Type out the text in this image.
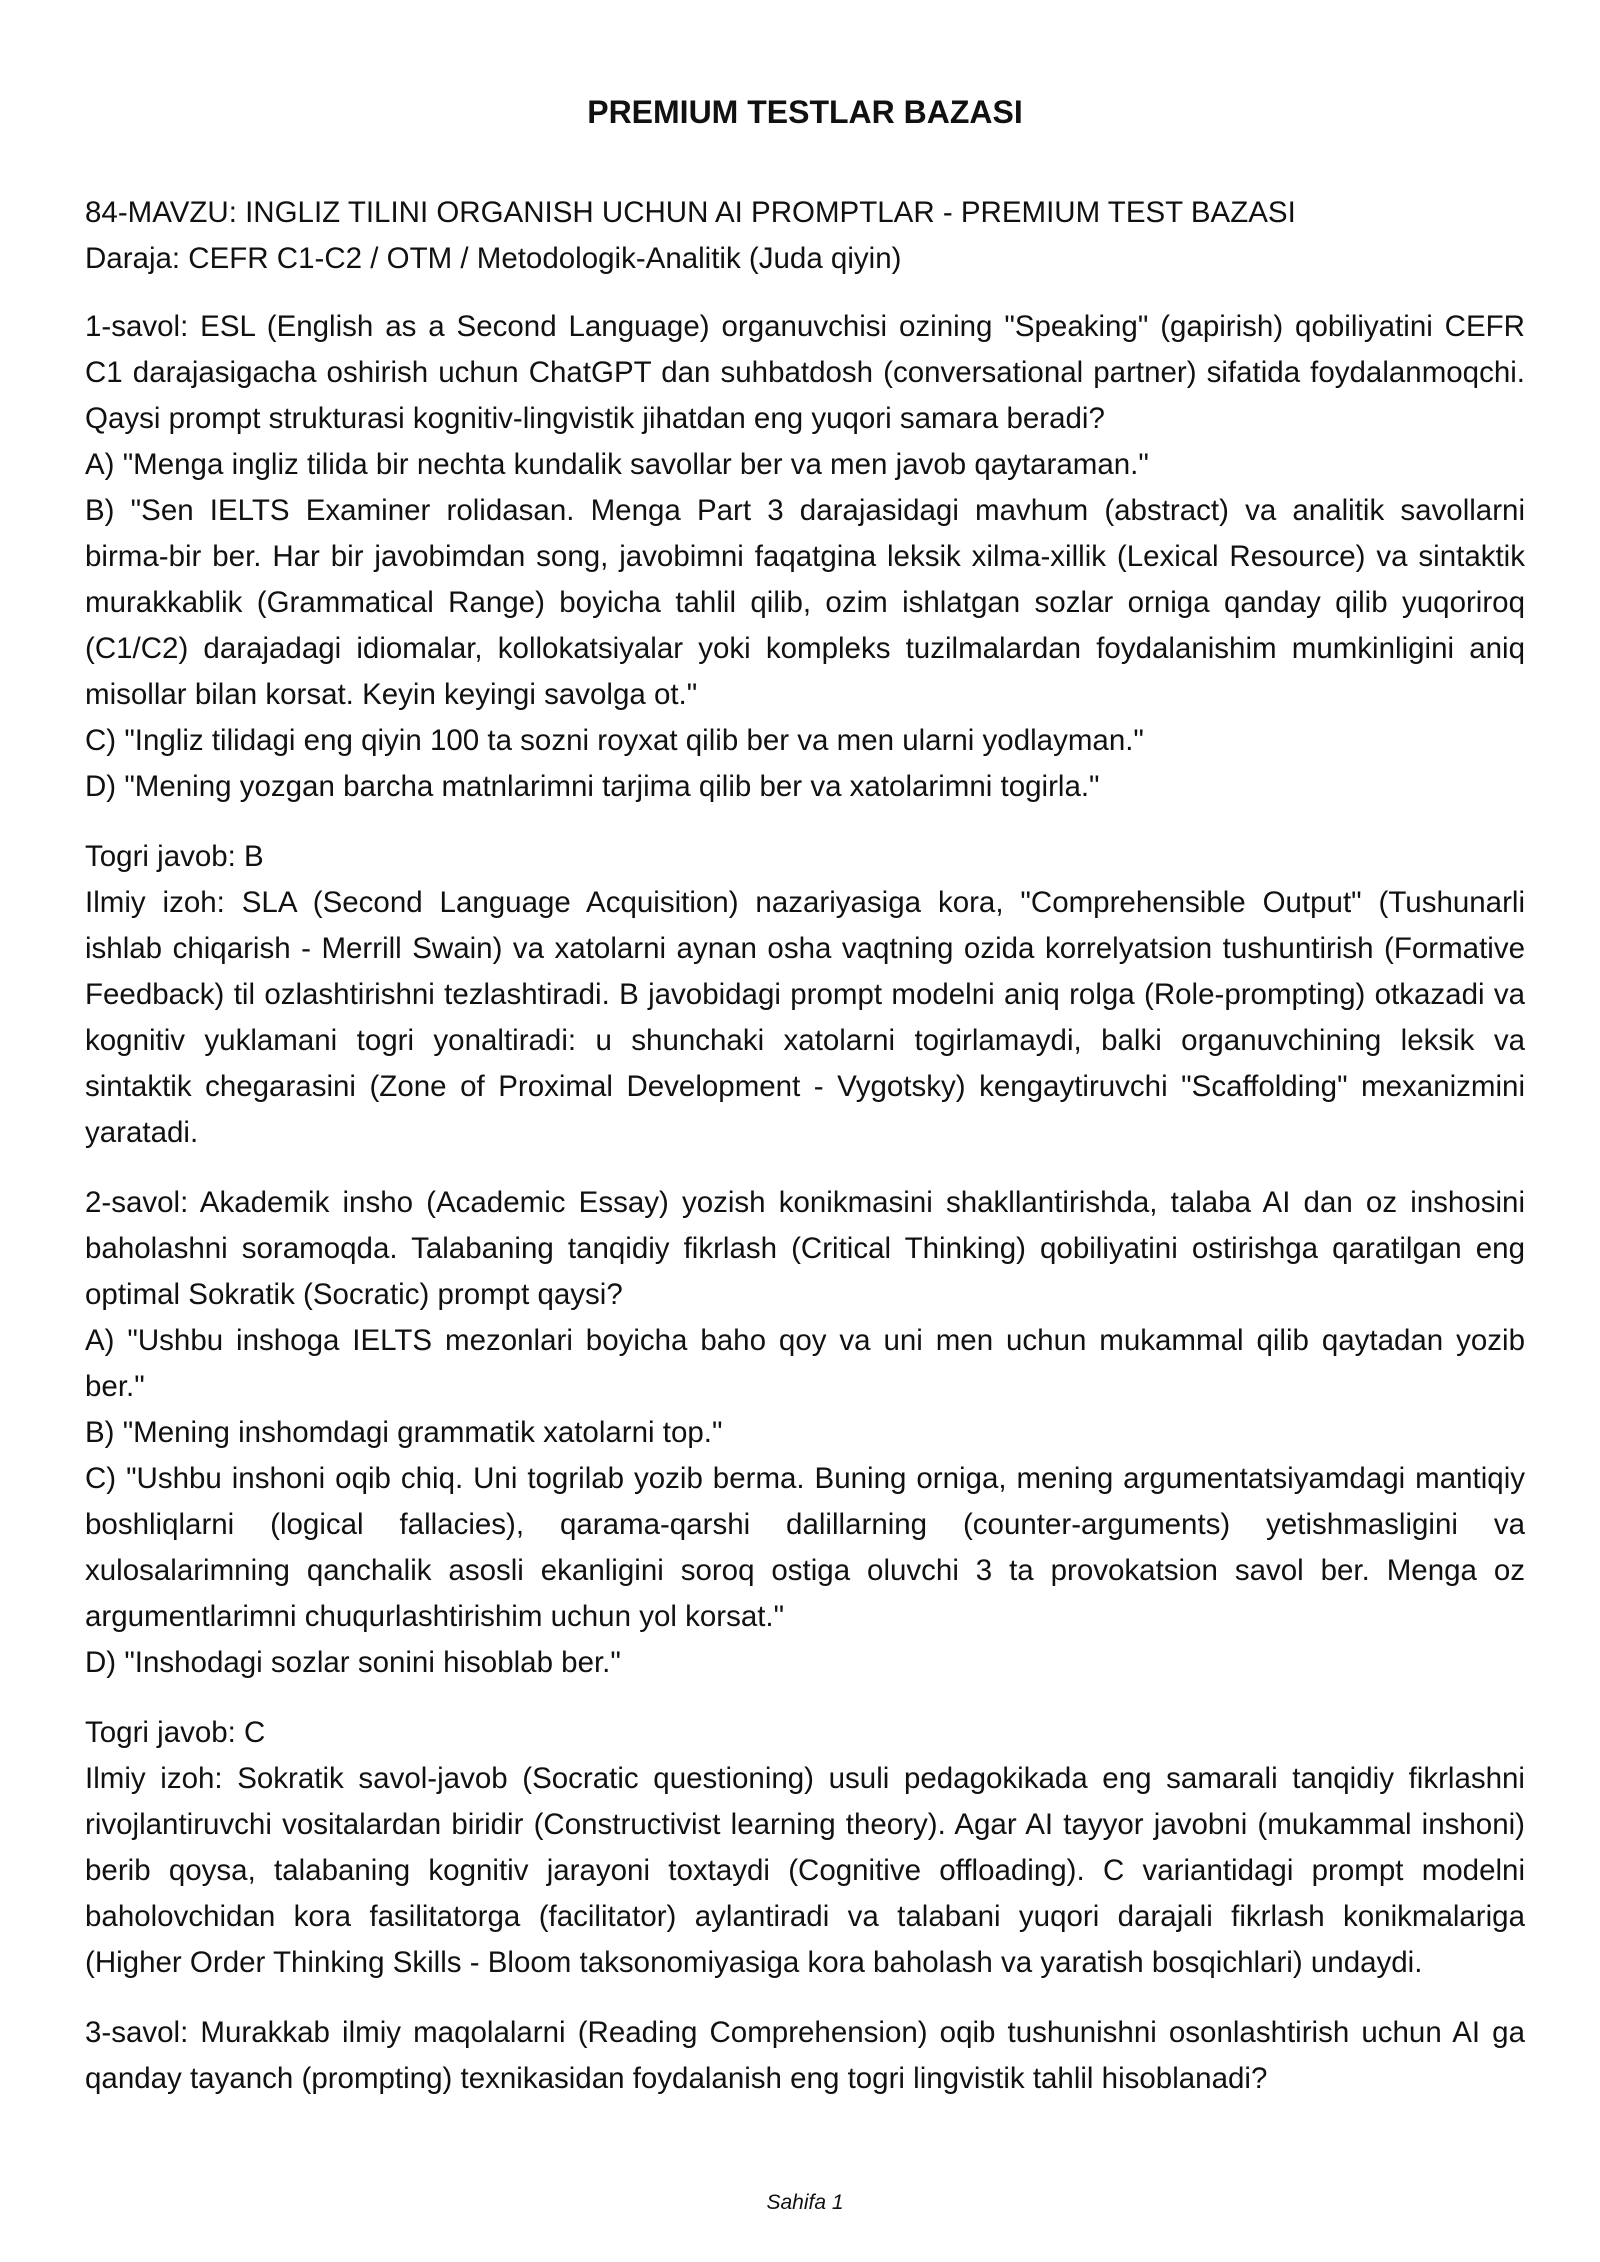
PREMIUM TESTLAR BAZASI
84-MAVZU: INGLIZ TILINI ORGANISH UCHUN AI PROMPTLAR - PREMIUM TEST BAZASI
Daraja: CEFR C1-C2 / OTM / Metodologik-Analitik (Juda qiyin)
1-savol: ESL (English as a Second Language) organuvchisi ozining "Speaking" (gapirish) qobiliyatini CEFR
C1 darajasigacha oshirish uchun ChatGPT dan suhbatdosh (conversational partner) sifatida foydalanmoqchi.
Qaysi prompt strukturasi kognitiv-lingvistik jihatdan eng yuqori samara beradi?
A) "Menga ingliz tilida bir nechta kundalik savollar ber va men javob qaytaraman."
B) "Sen IELTS Examiner rolidasan. Menga Part 3 darajasidagi mavhum (abstract) va analitik savollarni
birma-bir ber. Har bir javobimdan song, javobimni faqatgina leksik xilma-xillik (Lexical Resource) va sintaktik
murakkablik (Grammatical Range) boyicha tahlil qilib, ozim ishlatgan sozlar orniga qanday qilib yuqoriroq
(C1/C2) darajadagi idiomalar, kollokatsiyalar yoki kompleks tuzilmalardan foydalanishim mumkinligini aniq
misollar bilan korsat. Keyin keyingi savolga ot."
C) "Ingliz tilidagi eng qiyin 100 ta sozni royxat qilib ber va men ularni yodlayman."
D) "Mening yozgan barcha matnlarimni tarjima qilib ber va xatolarimni togirla."
Togri javob: B
Ilmiy izoh: SLA (Second Language Acquisition) nazariyasiga kora, "Comprehensible Output" (Tushunarli
ishlab chiqarish - Merrill Swain) va xatolarni aynan osha vaqtning ozida korrelyatsion tushuntirish (Formative
Feedback) til ozlashtirishni tezlashtiradi. B javobidagi prompt modelni aniq rolga (Role-prompting) otkazadi va
kognitiv yuklamani togri yonaltiradi: u shunchaki xatolarni togirlamaydi, balki organuvchining leksik va
sintaktik chegarasini (Zone of Proximal Development - Vygotsky) kengaytiruvchi "Scaffolding" mexanizmini
yaratadi.
2-savol: Akademik insho (Academic Essay) yozish konikmasini shakllantirishda, talaba AI dan oz inshosini
baholashni soramoqda. Talabaning tanqidiy fikrlash (Critical Thinking) qobiliyatini ostirishga qaratilgan eng
optimal Sokratik (Socratic) prompt qaysi?
A) "Ushbu inshoga IELTS mezonlari boyicha baho qoy va uni men uchun mukammal qilib qaytadan yozib
ber."
B) "Mening inshomdagi grammatik xatolarni top."
C) "Ushbu inshoni oqib chiq. Uni togrilab yozib berma. Buning orniga, mening argumentatsiyamdagi mantiqiy
boshliqlarni (logical fallacies), qarama-qarshi dalillarning (counter-arguments) yetishmasligini va
xulosalarimning qanchalik asosli ekanligini soroq ostiga oluvchi 3 ta provokatsion savol ber. Menga oz
argumentlarimni chuqurlashtirishim uchun yol korsat."
D) "Inshodagi sozlar sonini hisoblab ber."
Togri javob: C
Ilmiy izoh: Sokratik savol-javob (Socratic questioning) usuli pedagokikada eng samarali tanqidiy fikrlashni
rivojlantiruvchi vositalardan biridir (Constructivist learning theory). Agar AI tayyor javobni (mukammal inshoni)
berib qoysa, talabaning kognitiv jarayoni toxtaydi (Cognitive offloading). C variantidagi prompt modelni
baholovchidan kora fasilitatorga (facilitator) aylantiradi va talabani yuqori darajali fikrlash konikmalariga
(Higher Order Thinking Skills - Bloom taksonomiyasiga kora baholash va yaratish bosqichlari) undaydi.
3-savol: Murakkab ilmiy maqolalarni (Reading Comprehension) oqib tushunishni osonlashtirish uchun AI ga
qanday tayanch (prompting) texnikasidan foydalanish eng togri lingvistik tahlil hisoblanadi?
Sahifa 1
